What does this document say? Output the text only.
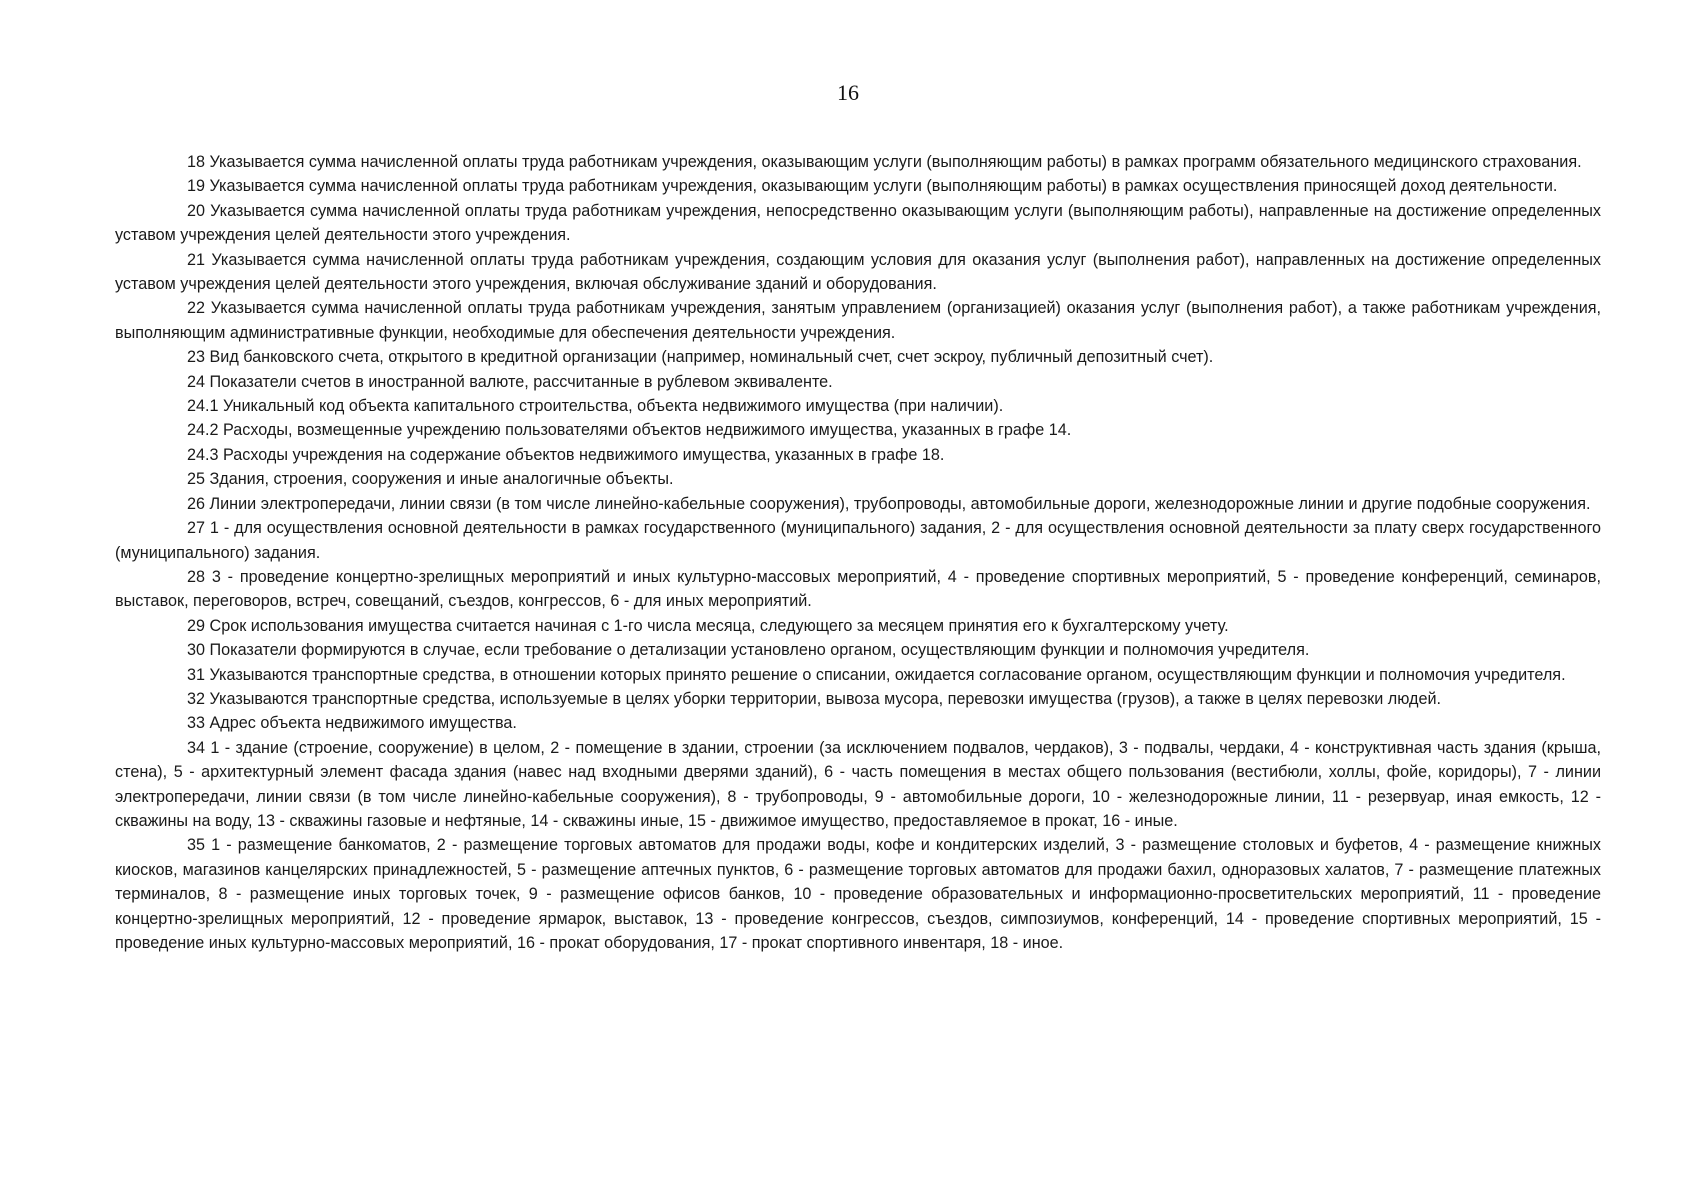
16

18 Указывается сумма начисленной оплаты труда работникам учреждения, оказывающим услуги (выполняющим работы) в рамках программ обязательного медицинского страхования.

19 Указывается сумма начисленной оплаты труда работникам учреждения, оказывающим услуги (выполняющим работы) в рамках осуществления приносящей доход деятельности.

20 Указывается сумма начисленной оплаты труда работникам учреждения, непосредственно оказывающим услуги (выполняющим работы), направленные на достижение определенных уставом учреждения целей деятельности этого учреждения.

21 Указывается сумма начисленной оплаты труда работникам учреждения, создающим условия для оказания услуг (выполнения работ), направленных на достижение определенных уставом учреждения целей деятельности этого учреждения, включая обслуживание зданий и оборудования.

22 Указывается сумма начисленной оплаты труда работникам учреждения, занятым управлением (организацией) оказания услуг (выполнения работ), а также работникам учреждения, выполняющим административные функции, необходимые для обеспечения деятельности учреждения.

23 Вид банковского счета, открытого в кредитной организации (например, номинальный счет, счет эскроу, публичный депозитный счет).

24 Показатели счетов в иностранной валюте, рассчитанные в рублевом эквиваленте.

24.1 Уникальный код объекта капитального строительства, объекта недвижимого имущества (при наличии).

24.2 Расходы, возмещенные учреждению пользователями объектов недвижимого имущества, указанных в графе 14.

24.3 Расходы учреждения на содержание объектов недвижимого имущества, указанных в графе 18.

25 Здания, строения, сооружения и иные аналогичные объекты.

26 Линии электропередачи, линии связи (в том числе линейно-кабельные сооружения), трубопроводы, автомобильные дороги, железнодорожные линии и другие подобные сооружения.

27 1 - для осуществления основной деятельности в рамках государственного (муниципального) задания, 2 - для осуществления основной деятельности за плату сверх государственного (муниципального) задания.

28 3 - проведение концертно-зрелищных мероприятий и иных культурно-массовых мероприятий, 4 - проведение спортивных мероприятий, 5 - проведение конференций, семинаров, выставок, переговоров, встреч, совещаний, съездов, конгрессов, 6 - для иных мероприятий.

29 Срок использования имущества считается начиная с 1-го числа месяца, следующего за месяцем принятия его к бухгалтерскому учету.

30 Показатели формируются в случае, если требование о детализации установлено органом, осуществляющим функции и полномочия учредителя.

31 Указываются транспортные средства, в отношении которых принято решение о списании, ожидается согласование органом, осуществляющим функции и полномочия учредителя.

32 Указываются транспортные средства, используемые в целях уборки территории, вывоза мусора, перевозки имущества (грузов), а также в целях перевозки людей.

33 Адрес объекта недвижимого имущества.

34 1 - здание (строение, сооружение) в целом, 2 - помещение в здании, строении (за исключением подвалов, чердаков), 3 - подвалы, чердаки, 4 - конструктивная часть здания (крыша, стена), 5 - архитектурный элемент фасада здания (навес над входными дверями зданий), 6 - часть помещения в местах общего пользования (вестибюли, холлы, фойе, коридоры), 7 - линии электропередачи, линии связи (в том числе линейно-кабельные сооружения), 8 - трубопроводы, 9 - автомобильные дороги, 10 - железнодорожные линии, 11 - резервуар, иная емкость, 12 - скважины на воду, 13 - скважины газовые и нефтяные, 14 - скважины иные, 15 - движимое имущество, предоставляемое в прокат, 16 - иные.

35 1 - размещение банкоматов, 2 - размещение торговых автоматов для продажи воды, кофе и кондитерских изделий, 3 - размещение столовых и буфетов, 4 - размещение книжных киосков, магазинов канцелярских принадлежностей, 5 - размещение аптечных пунктов, 6 - размещение торговых автоматов для продажи бахил, одноразовых халатов, 7 - размещение платежных терминалов, 8 - размещение иных торговых точек, 9 - размещение офисов банков, 10 - проведение образовательных и информационно-просветительских мероприятий, 11 - проведение концертно-зрелищных мероприятий, 12 - проведение ярмарок, выставок, 13 - проведение конгрессов, съездов, симпозиумов, конференций, 14 - проведение спортивных мероприятий, 15 - проведение иных культурно-массовых мероприятий, 16 - прокат оборудования, 17 - прокат спортивного инвентаря, 18 - иное.
